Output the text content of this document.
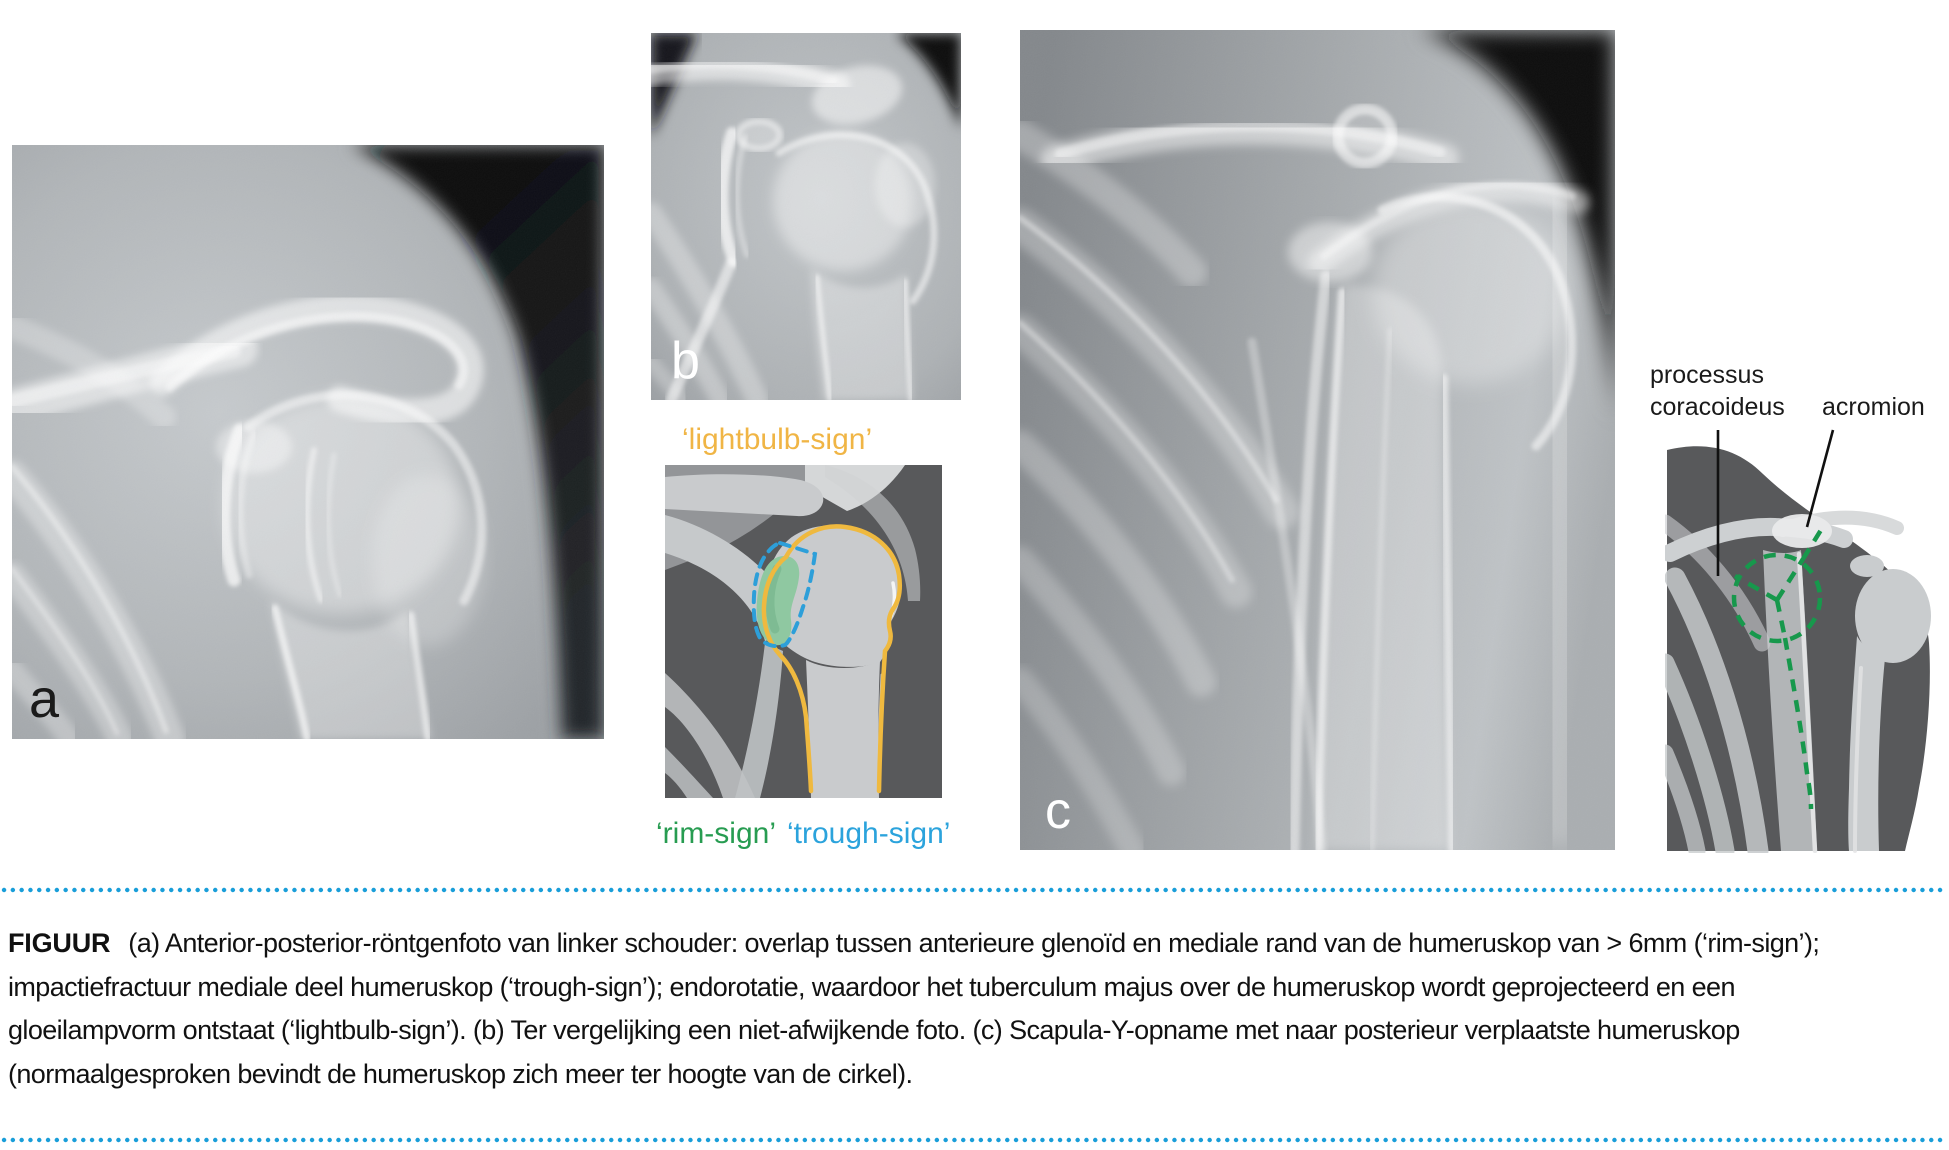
a
b
c
‘lightbulb-sign’
‘rim-sign’ ‘trough-sign’
processus
coracoideus acromion
FIGUUR (a) Anterior-posterior-röntgenfoto van linker schouder: overlap tussen anterieure glenoïd en mediale rand van de humeruskop van > 6mm (‘rim-sign’);
impactiefractuur mediale deel humeruskop (‘trough-sign’); endorotatie, waardoor het tuberculum majus over de humeruskop wordt geprojecteerd en een
gloeilampvorm ontstaat (‘lightbulb-sign’). (b) Ter vergelijking een niet-afwijkende foto. (c) Scapula-Y-opname met naar posterieur verplaatste humeruskop
(normaalgesproken bevindt de humeruskop zich meer ter hoogte van de cirkel).
